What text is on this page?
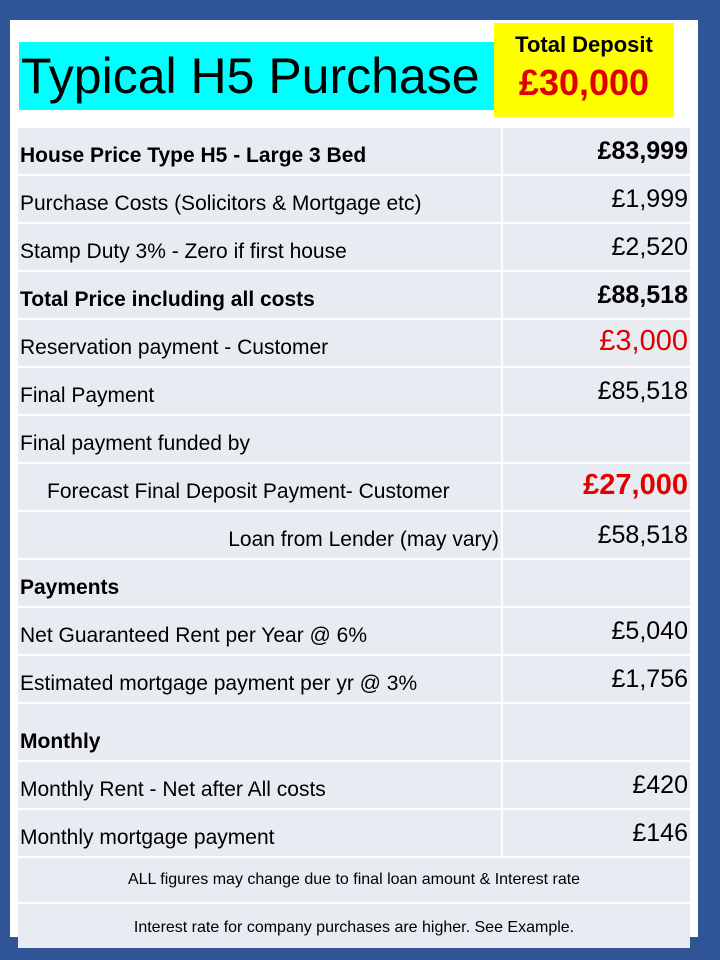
Typical H5 Purchase
Total Deposit
£30,000
House Price Type H5 - Large 3 Bed	£83,999
Purchase Costs (Solicitors & Mortgage etc)	£1,999
Stamp Duty 3% - Zero if first house	£2,520
Total Price including all costs	£88,518
Reservation payment - Customer	£3,000
Final Payment	£85,518
Final payment funded by
Forecast Final Deposit Payment- Customer	£27,000
Loan from Lender (may vary)	£58,518
Payments
Net Guaranteed Rent per Year @ 6%	£5,040
Estimated mortgage payment per yr @ 3%	£1,756
Monthly
Monthly Rent - Net after All costs	£420
Monthly mortgage payment	£146
ALL figures may change due to final loan amount & Interest rate
Interest rate for company purchases are higher. See Example.
